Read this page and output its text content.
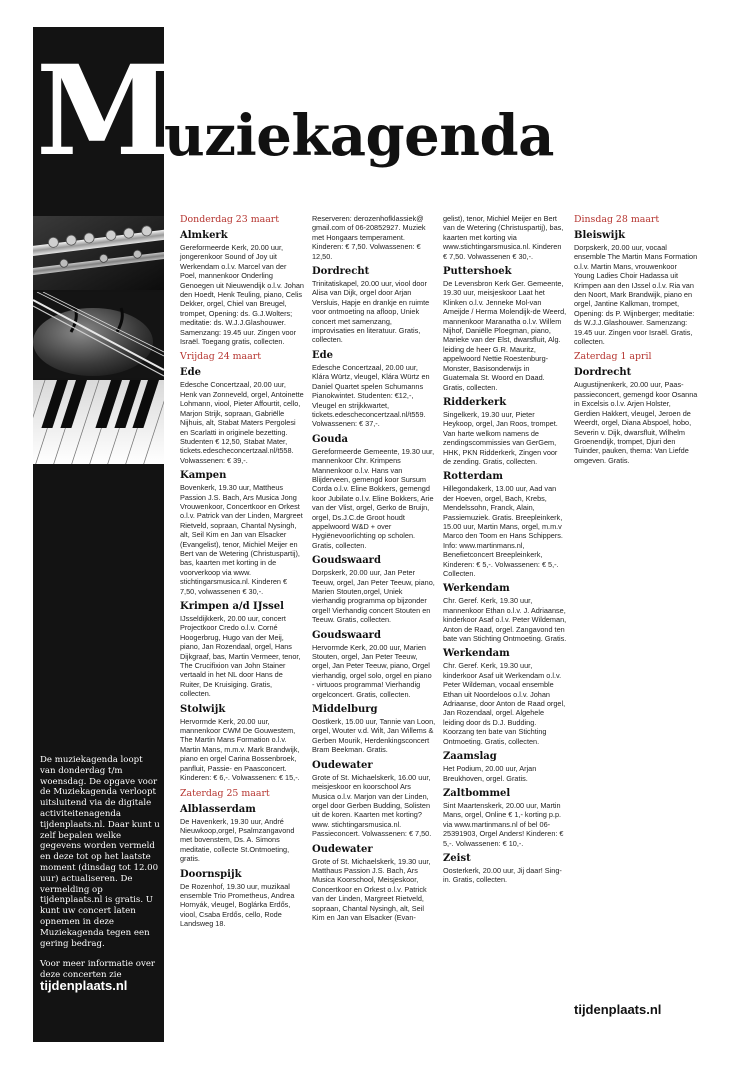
M
uziekagenda

De muziekagenda loopt van donderdag t/m woensdag. De opgave voor de Muziekagenda verloopt uitsluitend via de digitale activiteitenagenda tijdenplaats.nl. Daar kunt u zelf bepalen welke gegevens worden vermeld en deze tot op het laatste moment (dinsdag tot 12.00 uur) actualiseren. De vermelding op tijdenplaats.nl is gratis. U kunt uw concert laten opnemen in deze Muziekagenda tegen een gering bedrag.

Voor meer informatie over deze concerten zie
tijdenplaats.nl

Donderdag 23 maart
Almkerk

Gereformeerde Kerk, 20.00 uur, jongerenkoor Sound of Joy uit Werkendam o.l.v. Marcel van der Poel, mannenkoor Onderling Genoegen uit Nieuwendijk o.l.v. Johan den Hoedt, Henk Teuling, piano, Celis Dekker, orgel, Chiel van Breugel, trompet, Opening: ds. G.J.Wolters; meditatie: ds. W.J.J.Glashouwer. Samenzang: 19.45 uur. Zingen voor Israël. Toegang gratis, collecten.

Vrijdag 24 maart
Ede

Edesche Concertzaal, 20.00 uur, Henk van Zonneveld, orgel, Antoinette Lohmann, viool, Pieter Affourtit, cello, Marjon Strijk, sopraan, Gabriëlle Nijhuis, alt, Stabat Maters Pergolesi en Scarlatti in originele bezetting. Studenten € 12,50, Stabat Mater, tickets.edescheconcertzaal.nl/t558. Volwassenen: € 39,-.

Kampen

Bovenkerk, 19.30 uur, Mattheus Passion J.S. Bach, Ars Musica Jong Vrouwenkoor, Concertkoor en Orkest o.l.v. Patrick van der Linden, Margreet Rietveld, sopraan, Chantal Nysingh, alt, Seil Kim en Jan van Elsacker (Evangelist), tenor, Michiel Meijer en Bert van de Wetering (Christuspartij), bas, kaarten met korting in de voorverkoop via www. stichtingarsmusica.nl. Kinderen € 7,50, volwassenen € 30,-.

Krimpen a/d IJssel

IJsseldijkkerk, 20.00 uur, concert Projectkoor Credo o.l.v. Corné Hoogerbrug, Hugo van der Meij, piano, Jan Rozendaal, orgel, Hans Dijkgraaf, bas, Martin Vermeer, tenor, The Crucifixion van John Stainer vertaald in het NL door Hans de Ruiter, De Kruisiging. Gratis, collecten.

Stolwijk

Hervormde Kerk, 20.00 uur, mannenkoor CWM De Gouwestem, The Martin Mans Formation o.l.v. Martin Mans, m.m.v. Mark Brandwijk, piano en orgel Carina Bossenbroek, panfluit, Passie- en Paasconcert. Kinderen: € 6,-. Volwassenen: € 15,-.

Zaterdag 25 maart
Alblasserdam

De Havenkerk, 19.30 uur, André Nieuwkoop,orgel, Psalmzangavond met bovenstem, Ds. A. Simons meditatie, collecte St.Ontmoeting, gratis.

Doornspijk

De Rozenhof, 19.30 uur, muzikaal ensemble Trio Prometheus, Andrea Hornyák, vleugel, Boglárka Erdős, viool, Csaba Erdős, cello, Rode Landsweg 18.

Reserveren: derozenhofklassiek@ gmail.com of 06-20852927. Muziek met Hongaars temperament. Kinderen: € 7,50. Volwassenen: € 12,50.

Dordrecht

Trinitatiskapel, 20.00 uur, viool door Alisa van Dijk, orgel door Arjan Versluis, Hapje en drankje en ruimte voor ontmoeting na afloop, Uniek concert met samenzang, improvisaties en literatuur. Gratis, collecten.

Ede

Edesche Concertzaal, 20.00 uur, Klára Würtz, vleugel, Klára Würtz en Daniel Quartet spelen Schumanns Pianokwintet. Studenten: €12,-, Vleugel en strijkkwartet, tickets.edescheconcertzaal.nl/t559. Volwassenen: € 37,-.

Gouda

Gereformeerde Gemeente, 19.30 uur, mannenkoor Chr. Krimpens Mannenkoor o.l.v. Hans van Blijderveen, gemengd koor Sursum Corda o.l.v. Eline Bokkers, gemengd koor Jubilate o.l.v. Eline Bokkers, Arie van der Vlist, orgel, Gerko de Bruijn, orgel, Ds.J.C.de Groot houdt appelwoord W&D + over Hygiënevoorlichting op scholen. Gratis, collecten.

Goudswaard

Dorpskerk, 20.00 uur, Jan Peter Teeuw, orgel, Jan Peter Teeuw, piano, Marien Stouten,orgel, Uniek vierhandig programma op bijzonder orgel! Vierhandig concert Stouten en Teeuw. Gratis, collecten.

Goudswaard

Hervormde Kerk, 20.00 uur, Marien Stouten, orgel, Jan Peter Teeuw, orgel, Jan Peter Teeuw, piano, Orgel vierhandig, orgel solo, orgel en piano - virtuoos programma! Vierhandig orgelconcert. Gratis, collecten.

Middelburg

Oostkerk, 15.00 uur, Tannie van Loon, orgel, Wouter v.d. Wilt, Jan Willems & Gerben Mourik, Herdenkingsconcert Bram Beekman. Gratis.

Oudewater

Grote of St. Michaelskerk, 16.00 uur, meisjeskoor en koorschool Ars Musica o.l.v. Marjon van der Linden, orgel door Gerben Budding, Solisten uit de koren. Kaarten met korting? www. stichtingarsmusica.nl. Passieconcert. Volwassenen: € 7,50.

Oudewater

Grote of St. Michaelskerk, 19.30 uur, Matthaus Passion J.S. Bach, Ars Musica Koorschool, Meisjeskoor, Concertkoor en Orkest o.l.v. Patrick van der Linden, Margreet Rietveld, sopraan, Chantal Nysingh, alt, Seil Kim en Jan van Elsacker (Evan-

gelist), tenor, Michiel Meijer en Bert van de Wetering (Christuspartij), bas, kaarten met korting via www.stichtingarsmusica.nl. Kinderen € 7,50. Volwassenen € 30,-.

Puttershoek

De Levensbron Kerk Ger. Gemeente, 19.30 uur, meisjeskoor Laat het Klinken o.l.v. Jenneke Mol-van Ameijde / Herma Molendijk-de Weerd, mannenkoor Maranatha o.l.v. Willem Nijhof, Daniëlle Ploegman, piano, Marieke van der Elst, dwarsfluit, Alg. leiding de heer G.R. Mauritz, appelwoord Nettie Roestenburg-Monster, Basisonderwijs in Guatemala St. Woord en Daad. Gratis, collecten.

Ridderkerk

Singelkerk, 19.30 uur, Pieter Heykoop, orgel, Jan Roos, trompet. Van harte welkom namens de zendingscommissies van GerGem, HHK, PKN Ridderkerk, Zingen voor de zending. Gratis, collecten.

Rotterdam

Hillegondakerk, 13.00 uur, Aad van der Hoeven, orgel, Bach, Krebs, Mendelssohn, Franck, Alain, Passiemuziek. Gratis. Breepleinkerk, 15.00 uur, Martin Mans, orgel, m.m.v Marco den Toom en Hans Schippers. Info: www.martinmans.nl, Benefietconcert Breepleinkerk, Kinderen: € 5,-. Volwassenen: € 5,-. Collecten.

Werkendam

Chr. Geref. Kerk, 19.30 uur, mannenkoor Ethan o.l.v. J. Adriaanse, kinderkoor Asaf o.l.v. Peter Wildeman, Anton de Raad, orgel. Zangavond ten bate van Stichting Ontmoeting. Gratis.

Werkendam

Chr. Geref. Kerk, 19.30 uur, kinderkoor Asaf uit Werkendam o.l.v. Peter Wildeman, vocaal ensemble Ethan uit Noordeloos o.l.v. Johan Adriaanse, door Anton de Raad orgel, Jan Rozendaal, orgel. Algehele leiding door ds D.J. Budding. Koorzang ten bate van Stichting Ontmoeting. Gratis, collecten.

Zaamslag

Het Podium, 20.00 uur, Arjan Breukhoven, orgel. Gratis.

Zaltbommel

Sint Maartenskerk, 20.00 uur, Martin Mans, orgel, Online € 1,- korting p.p. via www.martinmans.nl of bel 06-25391903, Orgel Anders! Kinderen: € 5,-. Volwassenen: € 10,-.

Zeist

Oosterkerk, 20.00 uur, Jij daar! Sing-in. Gratis, collecten.

Dinsdag 28 maart
Bleiswijk

Dorpskerk, 20.00 uur, vocaal ensemble The Martin Mans Formation o.l.v. Martin Mans, vrouwenkoor Young Ladies Choir Hadassa uit Krimpen aan den IJssel o.l.v. Ria van den Noort, Mark Brandwijk, piano en orgel, Jantine Kalkman, trompet, Opening: ds P. Wijnberger; meditatie: ds W.J.J.Glashouwer. Samenzang: 19.45 uur. Zingen voor Israël. Gratis, collecten.

Zaterdag 1 april
Dordrecht

Augustijnenkerk, 20.00 uur, Paas-passieconcert, gemengd koor Osanna in Excelsis o.l.v. Arjen Holster, Gerdien Hakkert, vleugel, Jeroen de Weerdt, orgel, Diana Abspoel, hobo, Severin v. Dijk, dwarsfluit, Wilhelm Groenendijk, trompet, Djuri den Tuinder, pauken, thema: Van Liefde omgeven. Gratis.

tijdenplaats.nl
